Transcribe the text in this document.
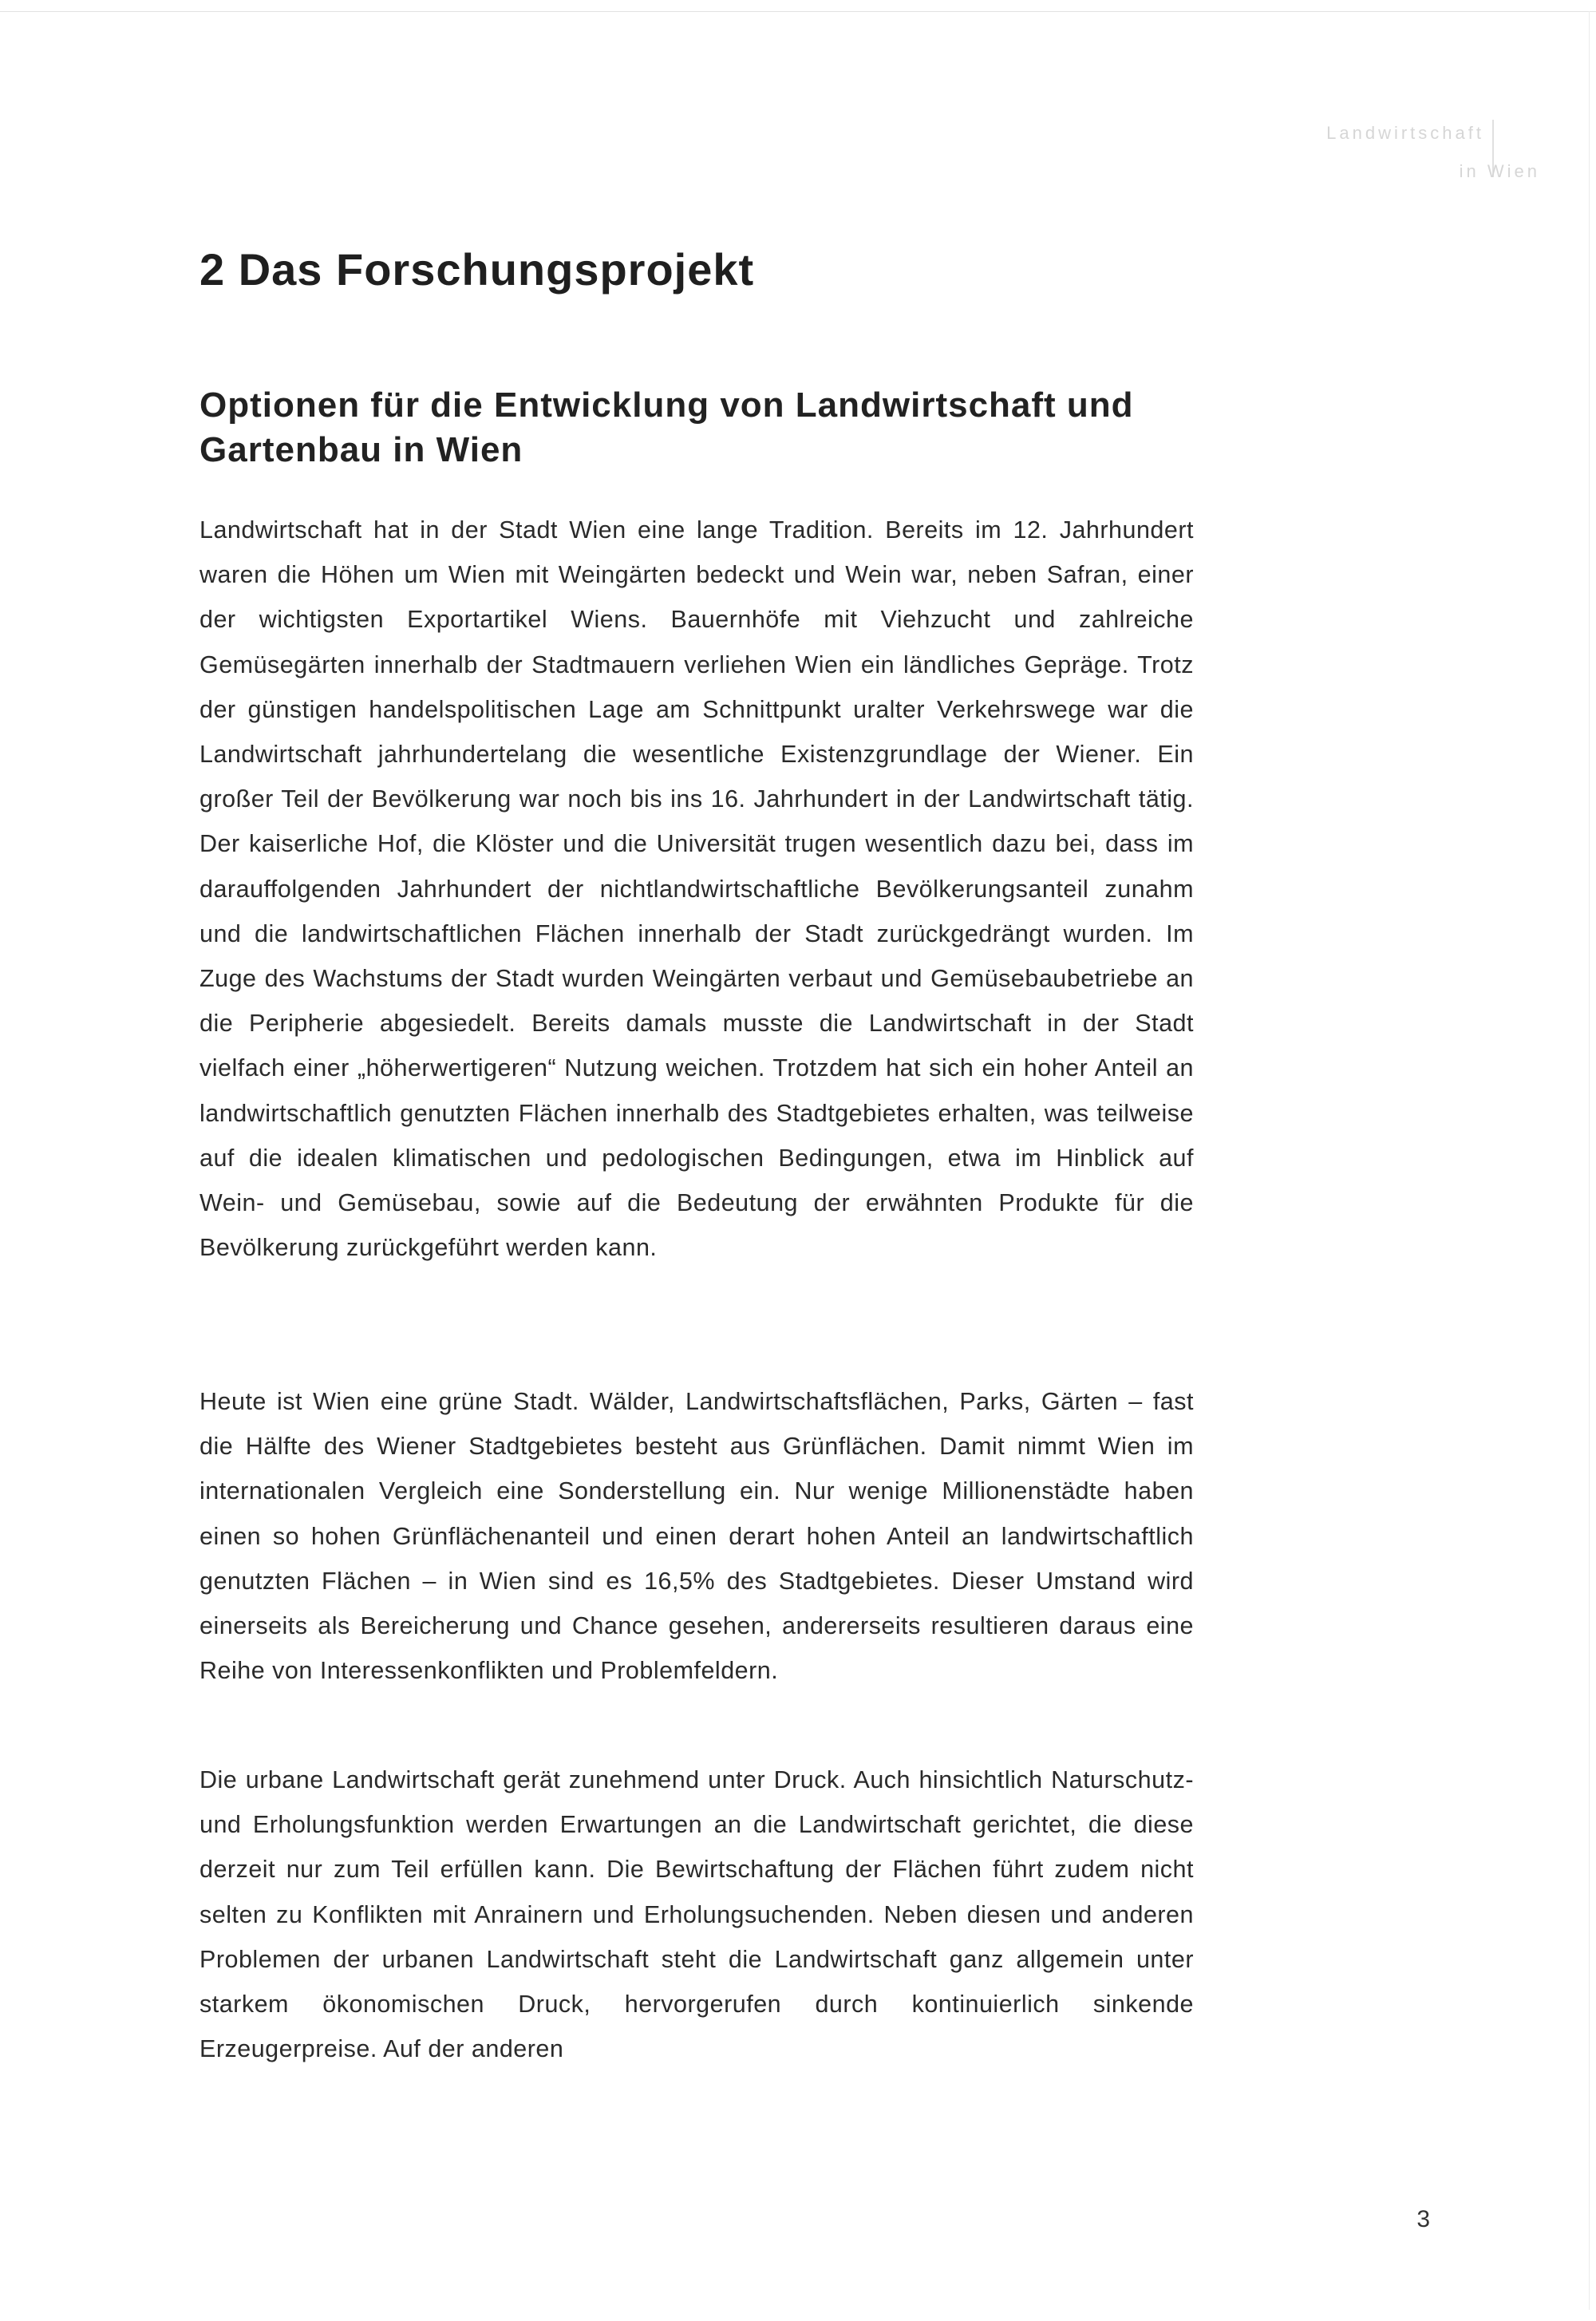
Landwirtschaft
in Wien
2 Das Forschungsprojekt
Optionen für die Entwicklung von Landwirtschaft und Gartenbau in Wien

Landwirtschaft hat in der Stadt Wien eine lange Tradition. Bereits im 12. Jahrhundert waren die Höhen um Wien mit Weingärten bedeckt und Wein war, neben Safran, einer der wichtigsten Exportartikel Wiens. Bauernhöfe mit Viehzucht und zahlreiche Gemüsegärten innerhalb der Stadtmauern verliehen Wien ein ländliches Gepräge. Trotz der günstigen handelspolitischen Lage am Schnittpunkt uralter Verkehrswege war die Landwirtschaft jahrhundertelang die wesentliche Existenzgrundlage der Wiener. Ein großer Teil der Bevölkerung war noch bis ins 16. Jahrhundert in der Landwirtschaft tätig. Der kaiserliche Hof, die Klöster und die Universität trugen wesentlich dazu bei, dass im darauffolgenden Jahrhundert der nichtlandwirtschaftliche Bevölkerungsanteil zunahm und die landwirtschaftlichen Flächen innerhalb der Stadt zurückgedrängt wurden. Im Zuge des Wachstums der Stadt wurden Weingärten verbaut und Gemüsebaubetriebe an die Peripherie abgesiedelt. Bereits damals musste die Landwirtschaft in der Stadt vielfach einer „höherwertigeren“ Nutzung weichen. Trotzdem hat sich ein hoher Anteil an landwirtschaftlich genutzten Flächen innerhalb des Stadtgebietes erhalten, was teilweise auf die idealen klimatischen und pedologischen Bedingungen, etwa im Hinblick auf Wein- und Gemüsebau, sowie auf die Bedeutung der erwähnten Produkte für die Bevölkerung zurückgeführt werden kann.

Heute ist Wien eine grüne Stadt. Wälder, Landwirtschaftsflächen, Parks, Gärten – fast die Hälfte des Wiener Stadtgebietes besteht aus Grünflächen. Damit nimmt Wien im internationalen Vergleich eine Sonderstellung ein. Nur wenige Millionenstädte haben einen so hohen Grünflächenanteil und einen derart hohen Anteil an landwirtschaftlich genutzten Flächen – in Wien sind es 16,5% des Stadtgebietes. Dieser Umstand wird einerseits als Bereicherung und Chance gesehen, andererseits resultieren daraus eine Reihe von Interessenkonflikten und Problemfeldern.

Die urbane Landwirtschaft gerät zunehmend unter Druck. Auch hinsichtlich Naturschutz- und Erholungsfunktion werden Erwartungen an die Landwirtschaft gerichtet, die diese derzeit nur zum Teil erfüllen kann. Die Bewirtschaftung der Flächen führt zudem nicht selten zu Konflikten mit Anrainern und Erholungsuchenden. Neben diesen und anderen Problemen der urbanen Landwirtschaft steht die Landwirtschaft ganz allgemein unter starkem ökonomischen Druck, hervorgerufen durch kontinuierlich sinkende Erzeugerpreise. Auf der anderen

3
